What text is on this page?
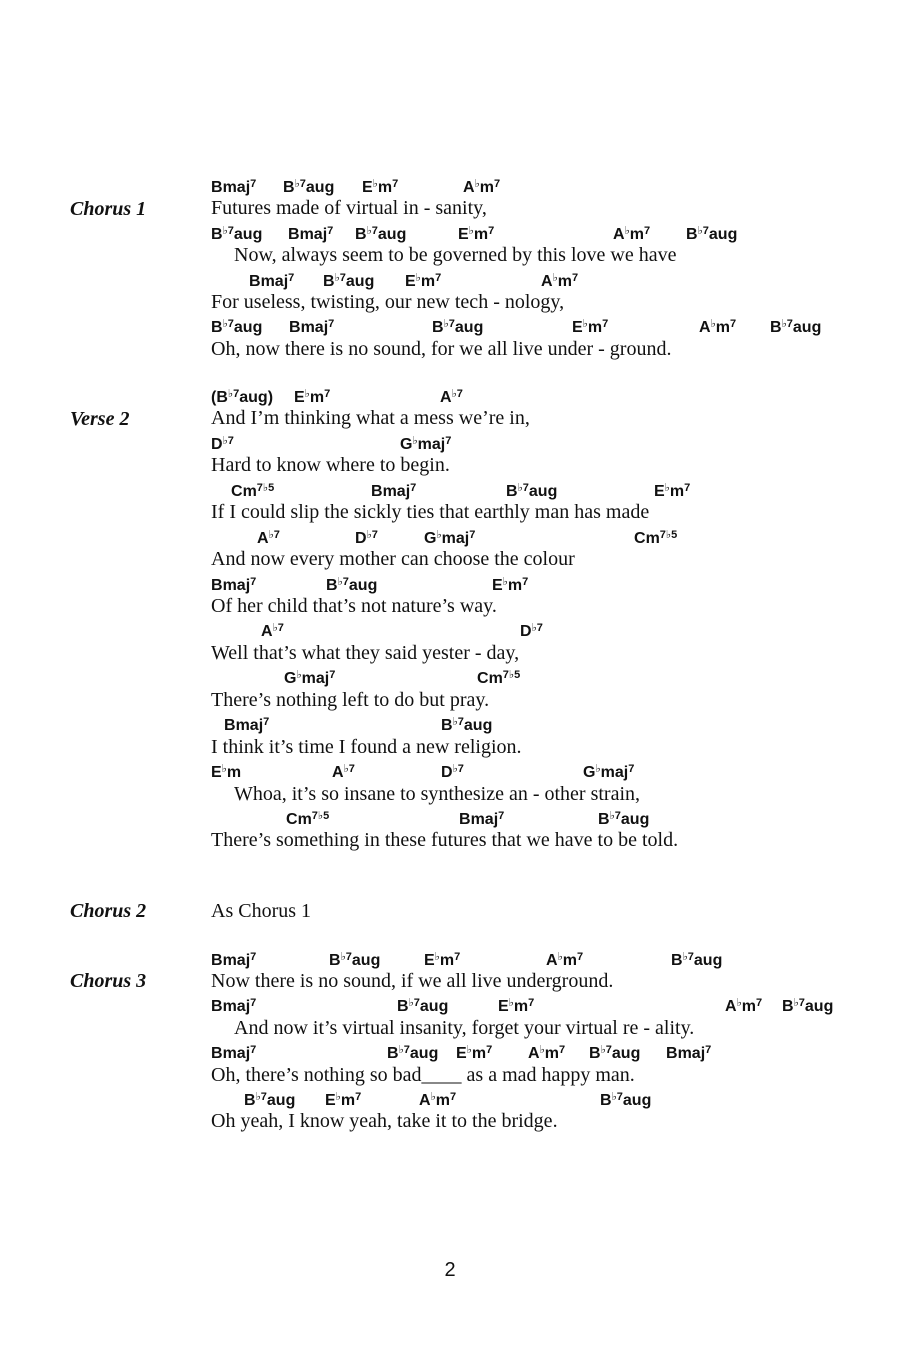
Chorus 1
Bmaj$^7$ $B^{♭7}aug$ $E^♭m^7$	$A^♭m^7$
Futures made of virtual in - sanity,
$B^{♭7}aug$ Bmaj$^7$ $B^{♭7}aug$	$E^♭m^7$	$A^♭m^7$ $B^{♭7}aug$
Now, always seem to be governed by this love we have
Bmaj$^7$ $B^{♭7}aug$ $E^♭m^7$	$A^♭m^7$
For useless, twisting, our new tech - nology,
$B^{♭7}aug$ Bmaj$^7$	$B^{♭7}aug$	$E^♭m^7$	$A^♭m^7$ $B^{♭7}aug$
Oh, now there is no sound, for we all live under - ground.
Verse 2
$(B^{♭7}aug)$ $E^♭m^7$	$A^{♭7}$
And I’m thinking what a mess we’re in,
$D^{♭7}$	G♭maj$^7$
Hard to know where to begin.
$Cm^{7♭5}$	Bmaj$^7$	$B^{♭7}aug$	$E^♭m^7$
If I could slip the sickly ties that earthly man has made
$A^{♭7}$	$D^{♭7}$	G♭maj$^7$	$Cm^{7♭5}$
And now every mother can choose the colour
Bmaj$^7$	$B^{♭7}aug$	$E^♭m^7$
Of her child that’s not nature’s way.
$A^{♭7}$	$D^{♭7}$
Well that’s what they said yester - day,
G♭maj$^7$	$Cm^{7♭5}$
There’s nothing left to do but pray.
Bmaj$^7$	$B^{♭7}aug$
I think it’s time I found a new religion.
E♭m	$A^{♭7}$	$D^{♭7}$	G♭maj$^7$
Whoa, it’s so insane to synthesize an - other strain,
$Cm^{7♭5}$	Bmaj$^7$	$B^{♭7}aug$
There’s something in these futures that we have to be told.
Chorus 2	As Chorus 1
Chorus 3
Bmaj$^7$	$B^{♭7}aug$	$E^♭m^7$	$A^♭m^7$	$B^{♭7}aug$
Now there is no sound, if we all live underground.
Bmaj$^7$	$B^{♭7}aug$	$E^♭m^7$	$A^♭m^7$ $B^{♭7}aug$
And now it’s virtual insanity, forget your virtual re - ality.
Bmaj$^7$	$B^{♭7}aug$ $E^♭m^7$ $A^♭m^7$ $B^{♭7}aug$ Bmaj$^7$
Oh, there’s nothing so bad____ as a mad happy man.
$B^{♭7}aug$ $E^♭m^7$	$A^♭m^7$	$B^{♭7}aug$
Oh yeah, I know yeah, take it to the bridge.
2
